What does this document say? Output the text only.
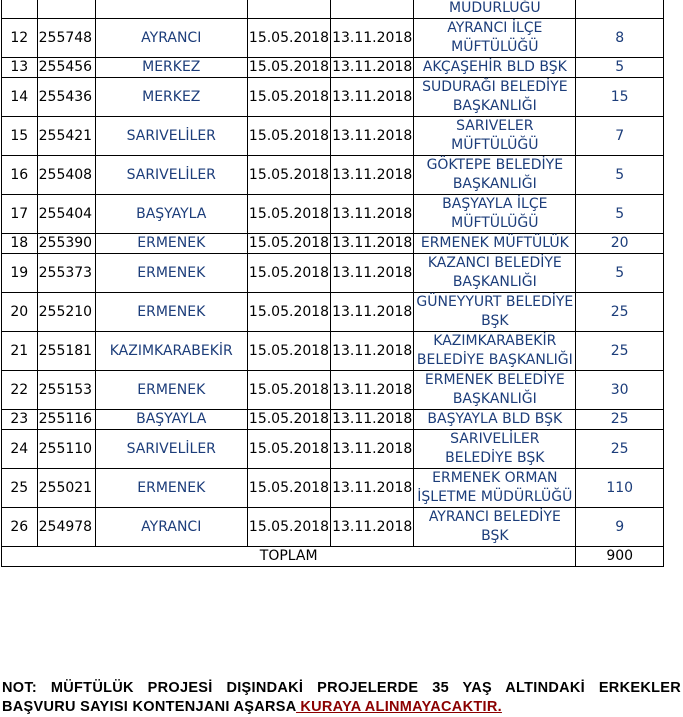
					MÜDÜRLÜĞÜ	
12	255748	AYRANCI	15.05.2018	13.11.2018	AYRANCI İLÇE MÜFTÜLÜĞÜ	8
13	255456	MERKEZ	15.05.2018	13.11.2018	AKÇAŞEHİR BLD BŞK	5
14	255436	MERKEZ	15.05.2018	13.11.2018	SUDURAĞI BELEDİYE BAŞKANLIĞI	15
15	255421	SARIVELİLER	15.05.2018	13.11.2018	SARIVELER MÜFTÜLÜĞÜ	7
16	255408	SARIVELİLER	15.05.2018	13.11.2018	GÖKTEPE BELEDİYE BAŞKANLIĞI	5
17	255404	BAŞYAYLA	15.05.2018	13.11.2018	BAŞYAYLA İLÇE MÜFTÜLÜĞÜ	5
18	255390	ERMENEK	15.05.2018	13.11.2018	ERMENEK MÜFTÜLÜK	20
19	255373	ERMENEK	15.05.2018	13.11.2018	KAZANCI BELEDİYE BAŞKANLIĞI	5
20	255210	ERMENEK	15.05.2018	13.11.2018	GÜNEYYURT BELEDİYE BŞK	25
21	255181	KAZIMKARABEKİR	15.05.2018	13.11.2018	KAZIMKARABEKİR BELEDİYE BAŞKANLIĞI	25
22	255153	ERMENEK	15.05.2018	13.11.2018	ERMENEK BELEDİYE BAŞKANLIĞI	30
23	255116	BAŞYAYLA	15.05.2018	13.11.2018	BAŞYAYLA BLD BŞK	25
24	255110	SARIVELİLER	15.05.2018	13.11.2018	SARIVELİLER BELEDİYE BŞK	25
25	255021	ERMENEK	15.05.2018	13.11.2018	ERMENEK ORMAN İŞLETME MÜDÜRLÜĞÜ	110
26	254978	AYRANCI	15.05.2018	13.11.2018	AYRANCI BELEDİYE BŞK	9
TOPLAM						900
NOT: MÜFTÜLÜK PROJESİ DIŞINDAKİ PROJELERDE 35 YAŞ ALTINDAKİ ERKEKLER BAŞVURU SAYISI KONTENJANI AŞARSA KURAYA ALINMAYACAKTIR.
